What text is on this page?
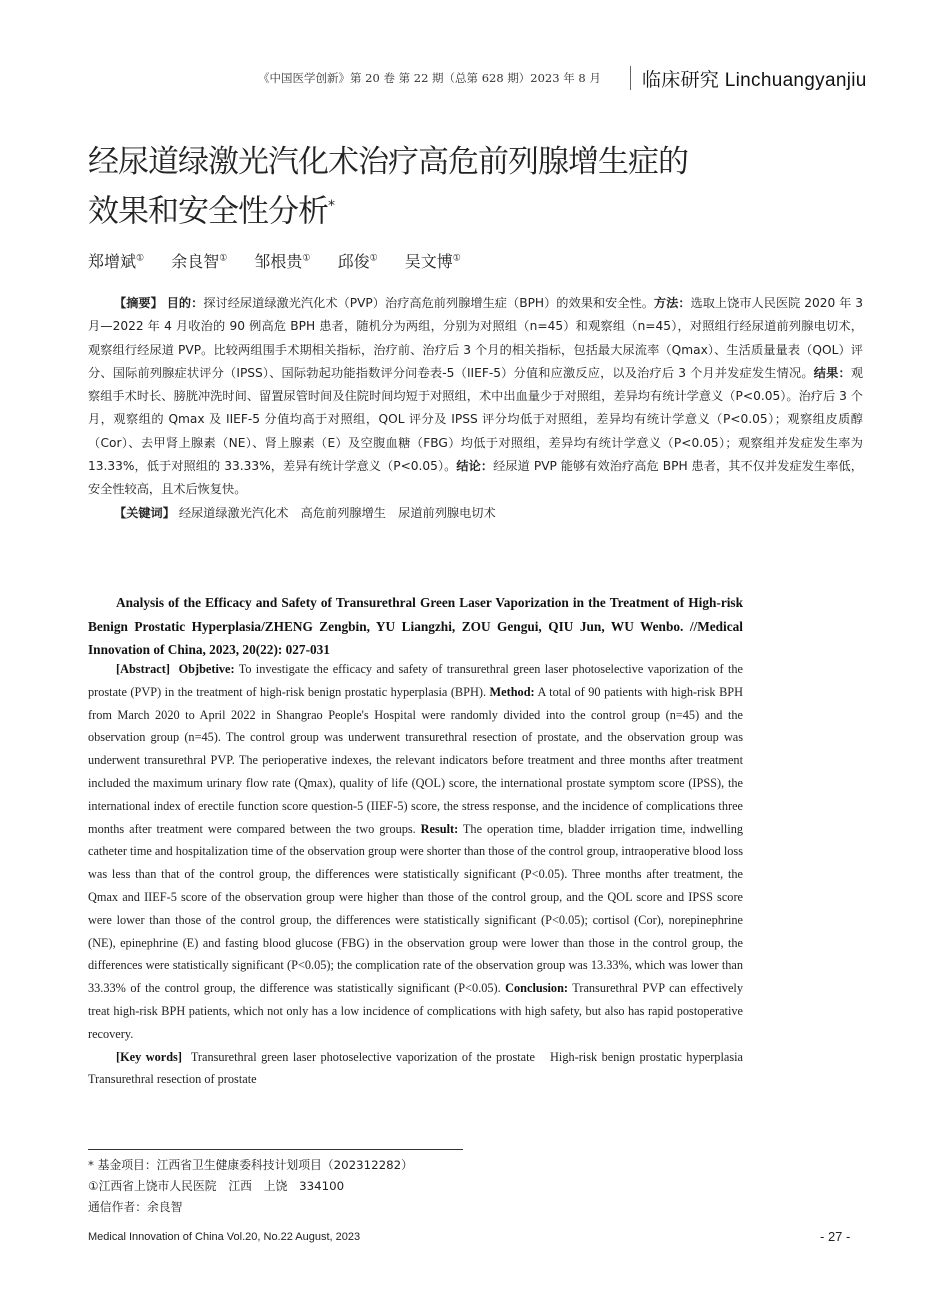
《中国医学创新》第 20 卷 第 22 期（总第 628 期）2023 年 8 月 临床研究 Linchuangyanjiu
经尿道绿激光汽化术治疗高危前列腺增生症的
效果和安全性分析*
郑增斌① 余良智① 邹根贵① 邱俊① 吴文博①

【摘要】 目的：探讨经尿道绿激光汽化术（PVP）治疗高危前列腺增生症（BPH）的效果和安全性。方法：选取上饶市人民医院 2020 年 3 月—2022 年 4 月收治的 90 例高危 BPH 患者，随机分为两组，分别为对照组（n=45）和观察组（n=45），对照组行经尿道前列腺电切术，观察组行经尿道 PVP。比较两组围手术期相关指标，治疗前、治疗后 3 个月的相关指标，包括最大尿流率（Qmax）、生活质量量表（QOL）评分、国际前列腺症状评分（IPSS）、国际勃起功能指数评分问卷表-5（IIEF-5）分值和应激反应，以及治疗后 3 个月并发症发生情况。结果：观察组手术时长、膀胱冲洗时间、留置尿管时间及住院时间均短于对照组，术中出血量少于对照组，差异均有统计学意义（P<0.05）。治疗后 3 个月，观察组的 Qmax 及 IIEF-5 分值均高于对照组，QOL 评分及 IPSS 评分均低于对照组，差异均有统计学意义（P<0.05）；观察组皮质醇（Cor）、去甲肾上腺素（NE）、肾上腺素（E）及空腹血糖（FBG）均低于对照组，差异均有统计学意义（P<0.05）；观察组并发症发生率为 13.33%，低于对照组的 33.33%，差异有统计学意义（P<0.05）。结论：经尿道 PVP 能够有效治疗高危 BPH 患者，其不仅并发症发生率低，安全性较高，且术后恢复快。

【关键词】 经尿道绿激光汽化术　高危前列腺增生　尿道前列腺电切术

Analysis of the Efficacy and Safety of Transurethral Green Laser Vaporization in the Treatment of High-risk Benign Prostatic Hyperplasia/ZHENG Zengbin, YU Liangzhi, ZOU Gengui, QIU Jun, WU Wenbo. //Medical Innovation of China, 2023, 20(22): 027-031

[Abstract] Objbetive: To investigate the efficacy and safety of transurethral green laser photoselective vaporization of the prostate (PVP) in the treatment of high-risk benign prostatic hyperplasia (BPH). Method: A total of 90 patients with high-risk BPH from March 2020 to April 2022 in Shangrao People's Hospital were randomly divided into the control group (n=45) and the observation group (n=45). The control group was underwent transurethral resection of prostate, and the observation group was underwent transurethral PVP. The perioperative indexes, the relevant indicators before treatment and three months after treatment included the maximum urinary flow rate (Qmax), quality of life (QOL) score, the international prostate symptom score (IPSS), the international index of erectile function score question-5 (IIEF-5) score, the stress response, and the incidence of complications three months after treatment were compared between the two groups. Result: The operation time, bladder irrigation time, indwelling catheter time and hospitalization time of the observation group were shorter than those of the control group, intraoperative blood loss was less than that of the control group, the differences were statistically significant (P<0.05). Three months after treatment, the Qmax and IIEF-5 score of the observation group were higher than those of the control group, and the QOL score and IPSS score were lower than those of the control group, the differences were statistically significant (P<0.05); cortisol (Cor), norepinephrine (NE), epinephrine (E) and fasting blood glucose (FBG) in the observation group were lower than those in the control group, the differences were statistically significant (P<0.05); the complication rate of the observation group was 13.33%, which was lower than 33.33% of the control group, the difference was statistically significant (P<0.05). Conclusion: Transurethral PVP can effectively treat high-risk BPH patients, which not only has a low incidence of complications with high safety, but also has rapid postoperative recovery.

[Key words] Transurethral green laser photoselective vaporization of the prostate　High-risk benign prostatic hyperplasia　Transurethral resection of prostate

* 基金项目：江西省卫生健康委科技计划项目（202312282）
①江西省上饶市人民医院　江西　上饶　334100
通信作者：余良智
Medical Innovation of China Vol.20, No.22 August, 2023	- 27 -
